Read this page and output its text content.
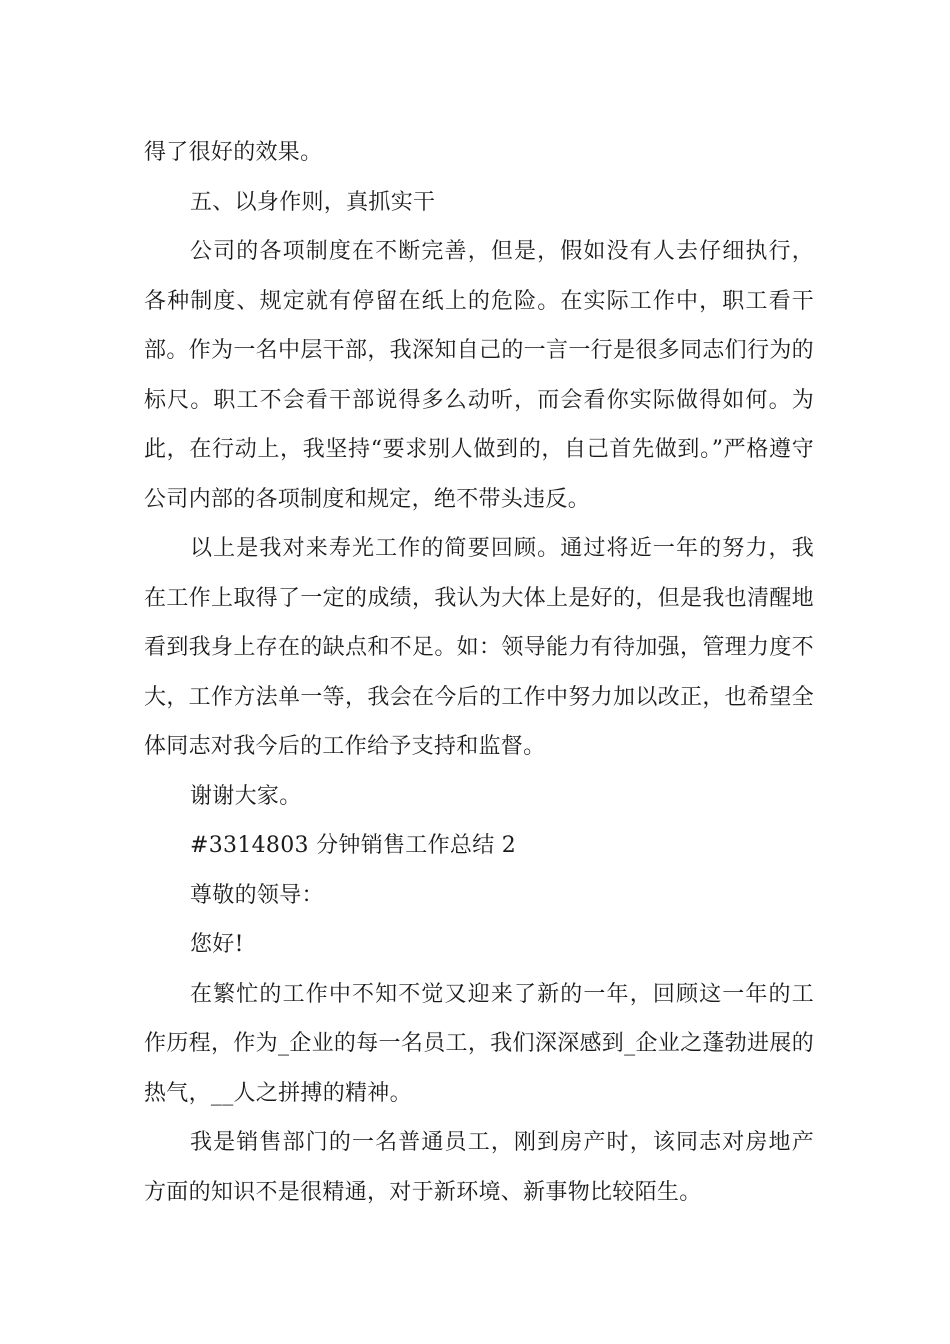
得了很好的效果。

五、以身作则，真抓实干

公司的各项制度在不断完善，但是，假如没有人去仔细执行，各种制度、规定就有停留在纸上的危险。在实际工作中，职工看干部。作为一名中层干部，我深知自己的一言一行是很多同志们行为的标尺。职工不会看干部说得多么动听，而会看你实际做得如何。为此，在行动上，我坚持“要求别人做到的，自己首先做到。”严格遵守公司内部的各项制度和规定，绝不带头违反。

以上是我对来寿光工作的简要回顾。通过将近一年的努力，我在工作上取得了一定的成绩，我认为大体上是好的，但是我也清醒地看到我身上存在的缺点和不足。如：领导能力有待加强，管理力度不大，工作方法单一等，我会在今后的工作中努力加以改正，也希望全体同志对我今后的工作给予支持和监督。

谢谢大家。

#3314803 分钟销售工作总结 2

尊敬的领导：

您好!

在繁忙的工作中不知不觉又迎来了新的一年，回顾这一年的工作历程，作为_企业的每一名员工，我们深深感到_企业之蓬勃进展的热气，__人之拼搏的精神。

我是销售部门的一名普通员工，刚到房产时，该同志对房地产方面的知识不是很精通，对于新环境、新事物比较陌生。
